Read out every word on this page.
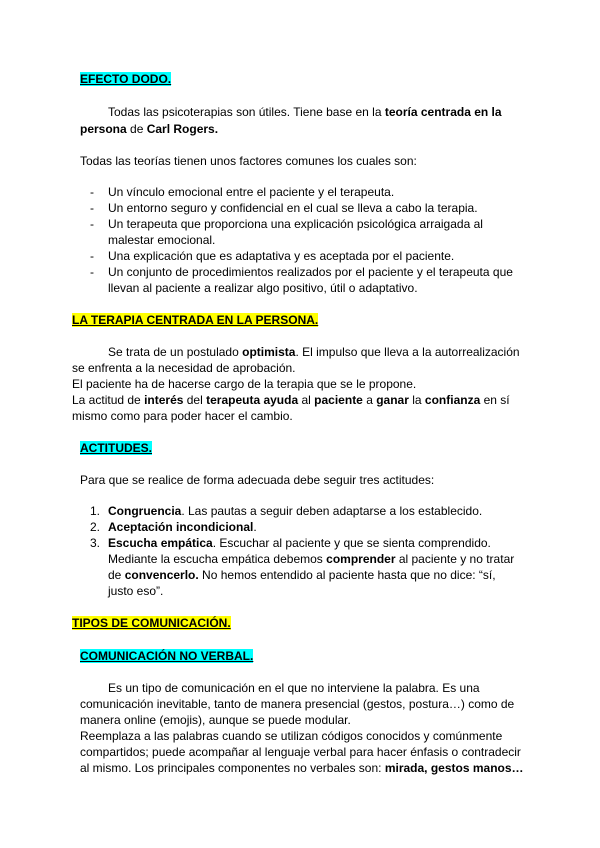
EFECTO DODO.
Todas las psicoterapias son útiles. Tiene base en la teoría centrada en la
persona de Carl Rogers.
Todas las teorías tienen unos factores comunes los cuales son:
- Un vínculo emocional entre el paciente y el terapeuta.
- Un entorno seguro y confidencial en el cual se lleva a cabo la terapia.
- Un terapeuta que proporciona una explicación psicológica arraigada al
malestar emocional.
- Una explicación que es adaptativa y es aceptada por el paciente.
- Un conjunto de procedimientos realizados por el paciente y el terapeuta que
llevan al paciente a realizar algo positivo, útil o adaptativo.
LA TERAPIA CENTRADA EN LA PERSONA.
Se trata de un postulado optimista. El impulso que lleva a la autorrealización
se enfrenta a la necesidad de aprobación.
El paciente ha de hacerse cargo de la terapia que se le propone.
La actitud de interés del terapeuta ayuda al paciente a ganar la confianza en sí
mismo como para poder hacer el cambio.
ACTITUDES.
Para que se realice de forma adecuada debe seguir tres actitudes:
1. Congruencia. Las pautas a seguir deben adaptarse a los establecido.
2. Aceptación incondicional.
3. Escucha empática. Escuchar al paciente y que se sienta comprendido.
Mediante la escucha empática debemos comprender al paciente y no tratar
de convencerlo. No hemos entendido al paciente hasta que no dice: “sí,
justo eso”.
TIPOS DE COMUNICACIÓN.
COMUNICACIÓN NO VERBAL.
Es un tipo de comunicación en el que no interviene la palabra. Es una
comunicación inevitable, tanto de manera presencial (gestos, postura…) como de
manera online (emojis), aunque se puede modular.
Reemplaza a las palabras cuando se utilizan códigos conocidos y comúnmente
compartidos; puede acompañar al lenguaje verbal para hacer énfasis o contradecir
al mismo. Los principales componentes no verbales son: mirada, gestos manos…
